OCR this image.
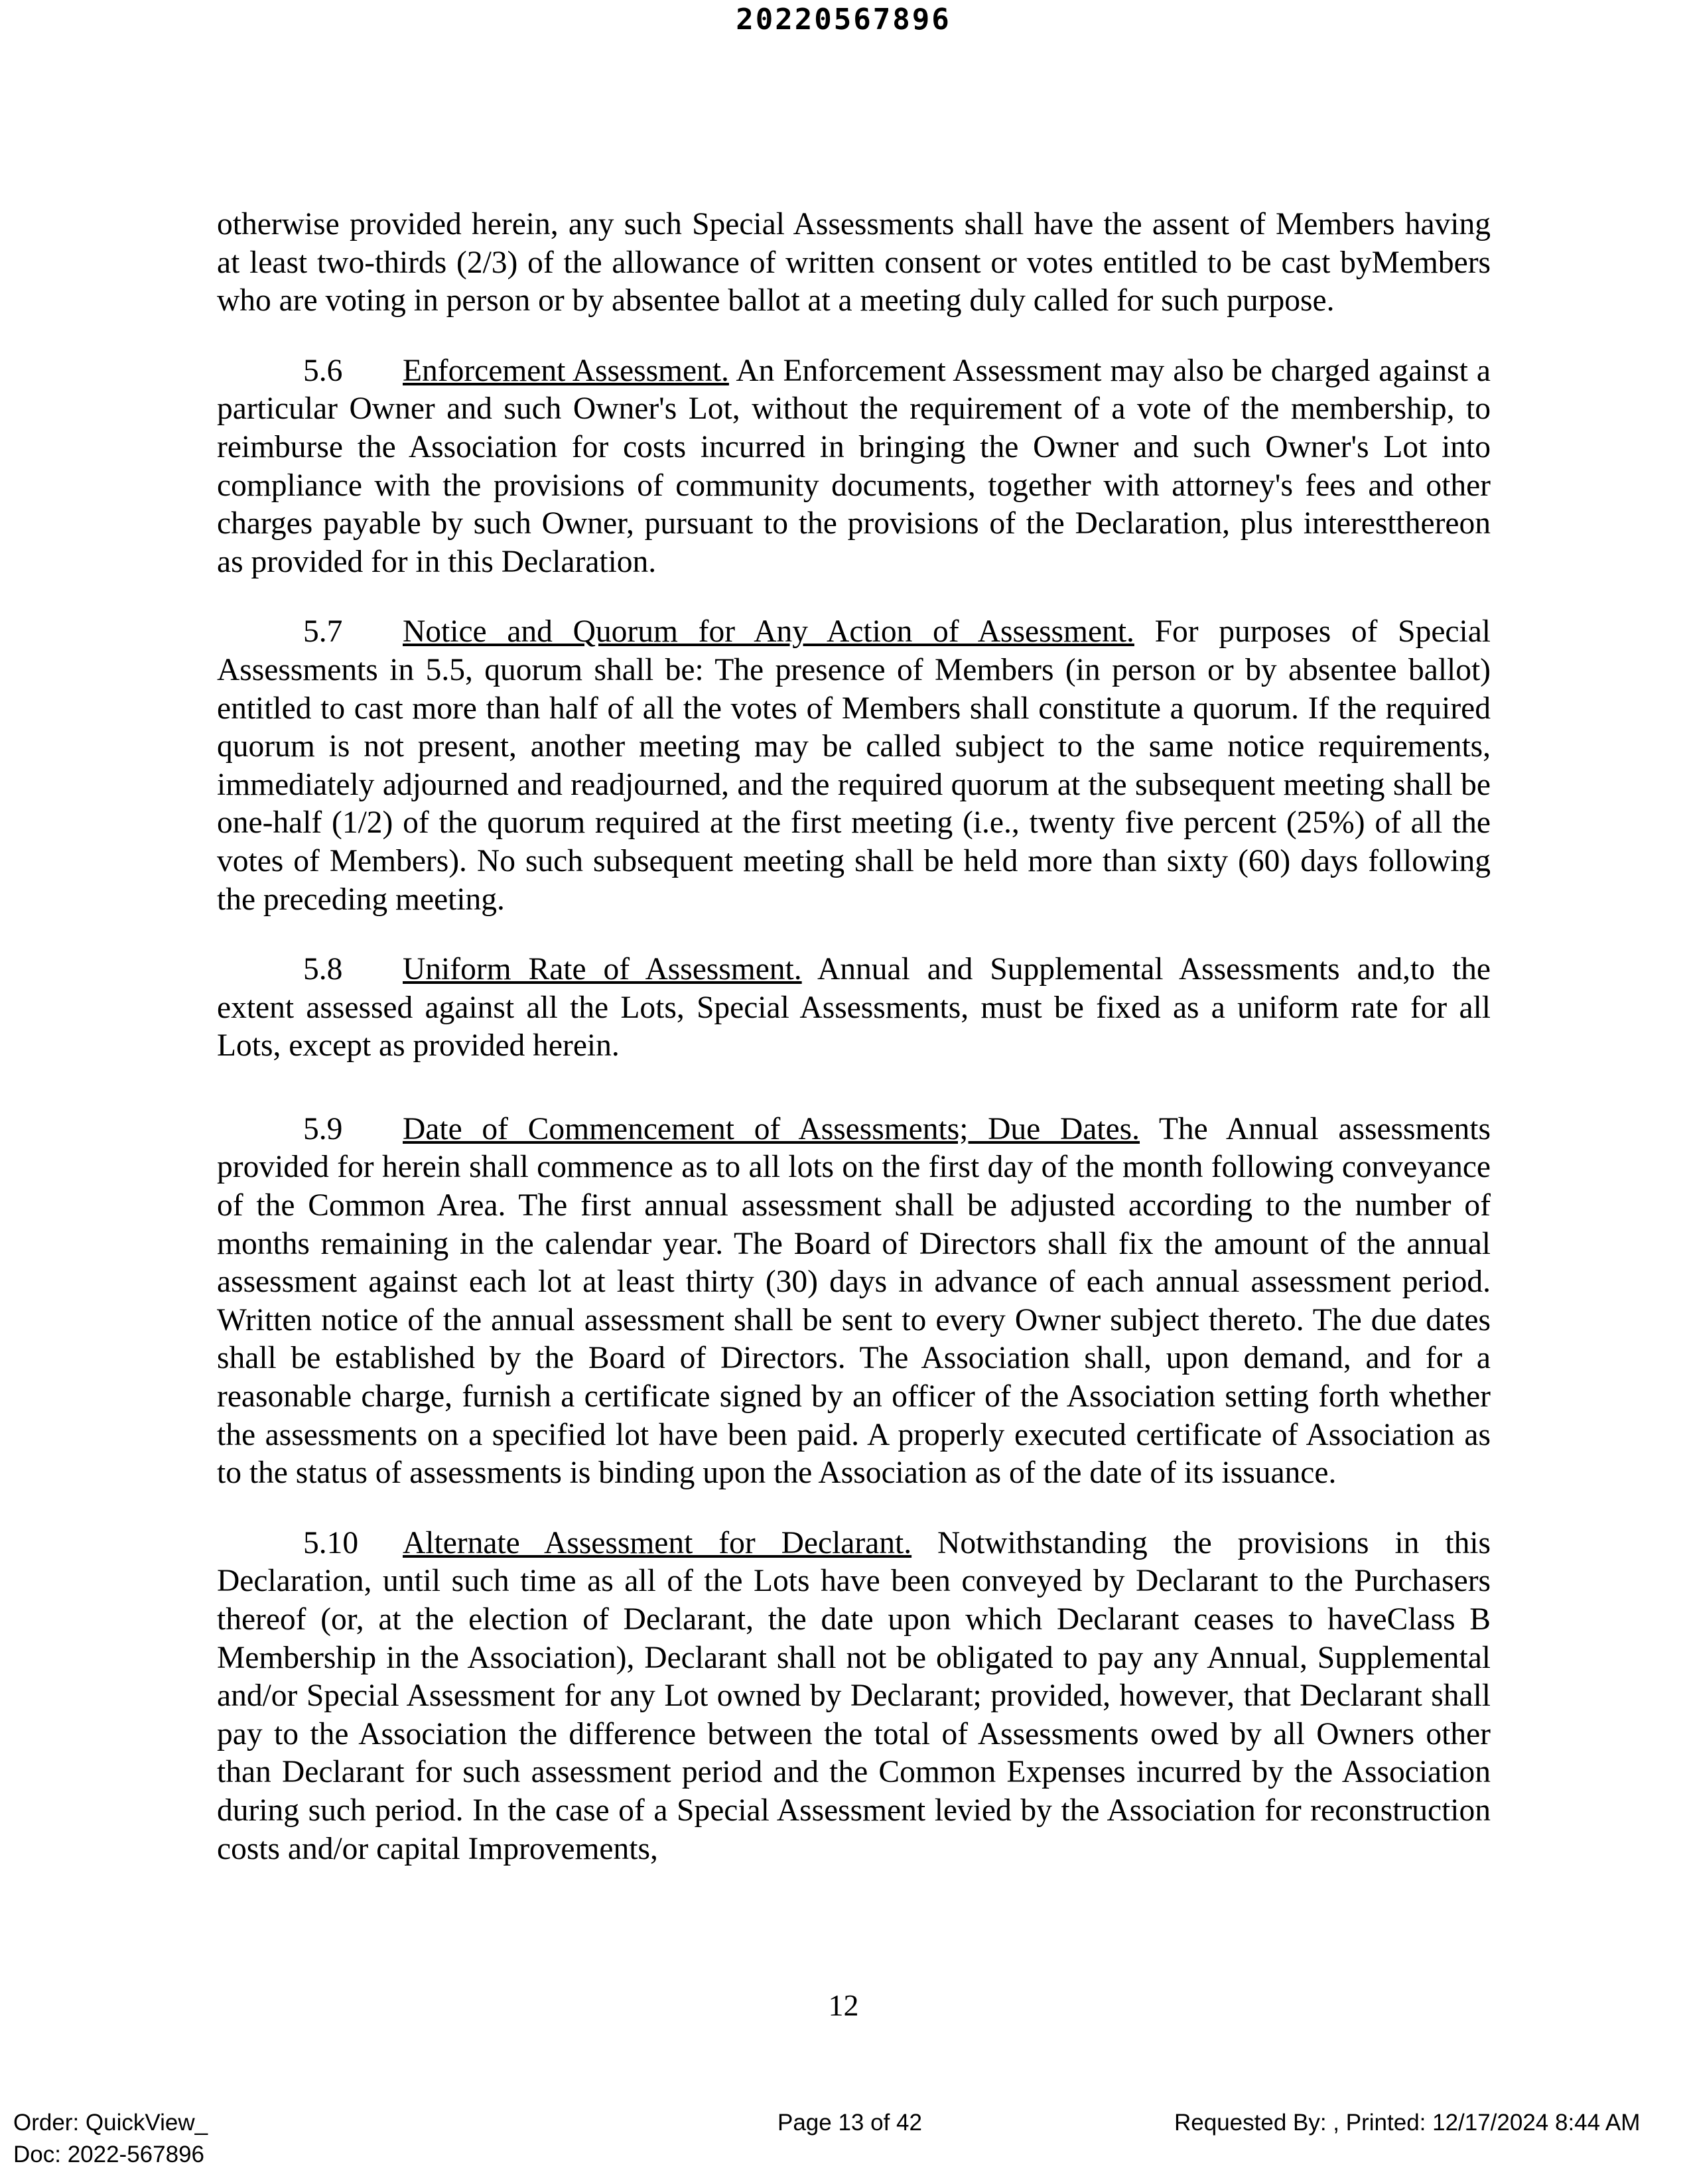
20220567896

otherwise provided herein, any such Special Assessments shall have the assent of Members having at least two-thirds (2/3) of the allowance of written consent or votes entitled to be cast byMembers who are voting in person or by absentee ballot at a meeting duly called for such purpose.

5.6 Enforcement Assessment. An Enforcement Assessment may also be charged against a particular Owner and such Owner's Lot, without the requirement of a vote of the membership, to reimburse the Association for costs incurred in bringing the Owner and such Owner's Lot into compliance with the provisions of community documents, together with attorney's fees and other charges payable by such Owner, pursuant to the provisions of the Declaration, plus interestthereon as provided for in this Declaration.

5.7 Notice and Quorum for Any Action of Assessment. For purposes of Special Assessments in 5.5, quorum shall be: The presence of Members (in person or by absentee ballot) entitled to cast more than half of all the votes of Members shall constitute a quorum. If the required quorum is not present, another meeting may be called subject to the same notice requirements, immediately adjourned and readjourned, and the required quorum at the subsequent meeting shall be one-half (1/2) of the quorum required at the first meeting (i.e., twenty five percent (25%) of all the votes of Members). No such subsequent meeting shall be held more than sixty (60) days following the preceding meeting.

5.8 Uniform Rate of Assessment. Annual and Supplemental Assessments and,to the extent assessed against all the Lots, Special Assessments, must be fixed as a uniform rate for all Lots, except as provided herein.

5.9 Date of Commencement of Assessments; Due Dates. The Annual assessments provided for herein shall commence as to all lots on the first day of the month following conveyance of the Common Area. The first annual assessment shall be adjusted according to the number of months remaining in the calendar year. The Board of Directors shall fix the amount of the annual assessment against each lot at least thirty (30) days in advance of each annual assessment period. Written notice of the annual assessment shall be sent to every Owner subject thereto. The due dates shall be established by the Board of Directors. The Association shall, upon demand, and for a reasonable charge, furnish a certificate signed by an officer of the Association setting forth whether the assessments on a specified lot have been paid. A properly executed certificate of Association as to the status of assessments is binding upon the Association as of the date of its issuance.

5.10 Alternate Assessment for Declarant. Notwithstanding the provisions in this Declaration, until such time as all of the Lots have been conveyed by Declarant to the Purchasers thereof (or, at the election of Declarant, the date upon which Declarant ceases to haveClass B Membership in the Association), Declarant shall not be obligated to pay any Annual, Supplemental and/or Special Assessment for any Lot owned by Declarant; provided, however, that Declarant shall pay to the Association the difference between the total of Assessments owed by all Owners other than Declarant for such assessment period and the Common Expenses incurred by the Association during such period. In the case of a Special Assessment levied by the Association for reconstruction costs and/or capital Improvements,

12
Order: QuickView_
Doc: 2022-567896
Page 13 of 42	Requested By: , Printed: 12/17/2024 8:44 AM
